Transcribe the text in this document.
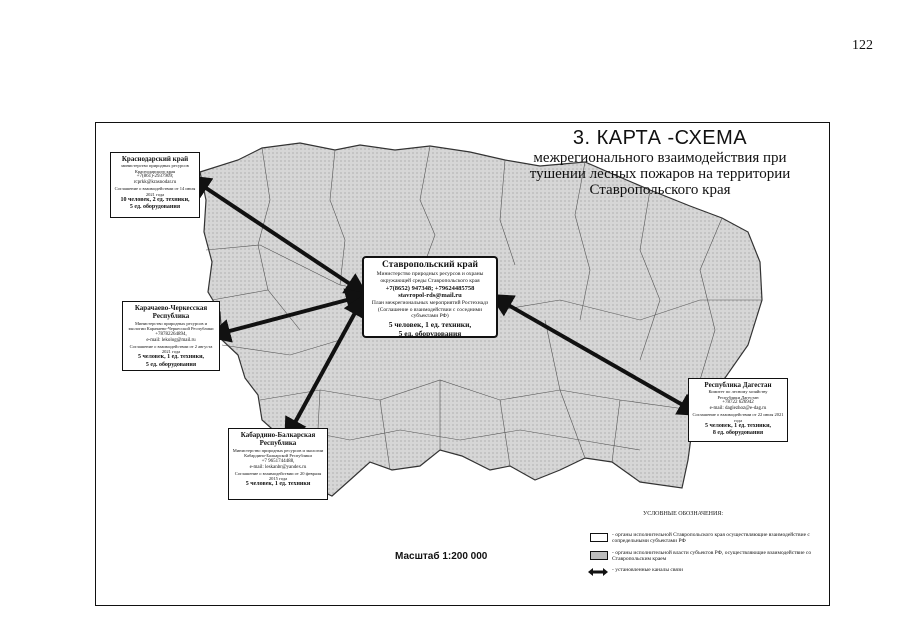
122
3. КАРТА -СХЕМА
межрегионального взаимодействия при
тушении лесных пожаров на территории
Ставропольского края
Краснодарский край
министерство природных ресурсов
Краснодарского края
+7(861)-2937909;
rcprkk@krasnodar.ru
Соглашение о взаимодействии от 14 июля 2021 года
10 человек, 2 ед. техники,
5 ед. оборудования
Карачаево-Черкесская Республика
Министерство природных ресурсов и
экологии Карачаево-Черкесской Республики
+78782264894,
e-mail: lekolog@mail.ru
Соглашение о взаимодействии от 2 августа 2021 года
5 человек, 1 ед. техники,
5 ед. оборудования
Ставропольский край
Министерство природных ресурсов и охраны
окружающей среды Ставропольского края
+7(8652) 947348; +79624485758
stavropol-rds@mail.ru
План межрегиональных мероприятий Ростехнадз
(Соглашение о взаимодействии с соседними субъектами РФ)
5 человек, 1 ед. техники,
5 ед. оборудования
Кабардино-Балкарская Республика
Министерство природных ресурсов и экологии
Кабардино-Балкарской Республики
+7 9651744488,
e-mail: leskanbr@yandex.ru
Соглашение о взаимодействии от 20 февраля 2015 года
5 человек, 1 ед. техники
Республика Дагестан
Комитет по лесному хозяйству
Республики Дагестан
+78722 626942
e-mail: daglezhoz@e-dag.ru
Соглашение о взаимодействии от 22 июля 2021 года
5 человек, 1 ед. техники,
8 ед. оборудования
Масштаб 1:200 000
УСЛОВНЫЕ ОБОЗНАЧЕНИЯ:
- органы исполнительной Ставропольского края осуществляющие взаимодействие с сопредельными субъектами РФ
- органы исполнительной власти субъектов РФ, осуществляющие взаимодействие со Ставропольским краем
- установленные каналы связи
